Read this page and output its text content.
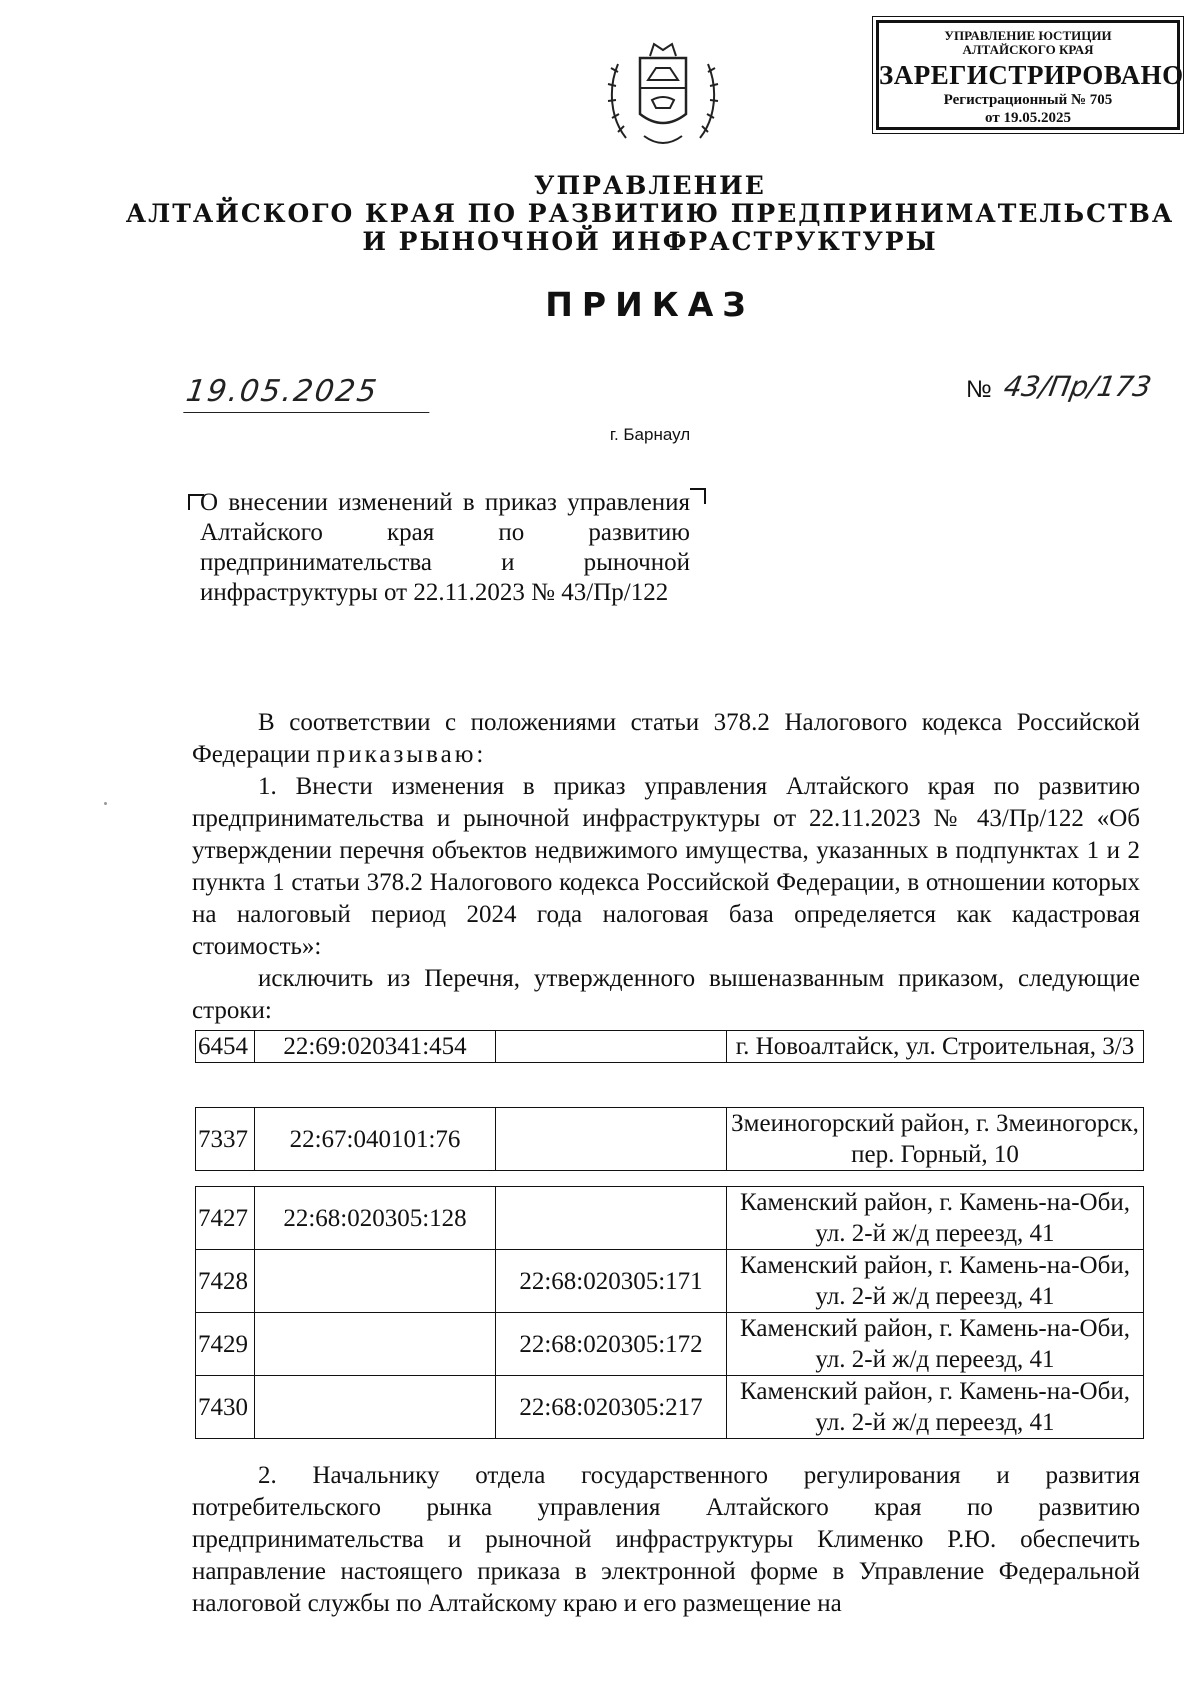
УПРАВЛЕНИЕ ЮСТИЦИИ
АЛТАЙСКОГО КРАЯ
ЗАРЕГИСТРИРОВАНО
Регистрационный № 705
от 19.05.2025
УПРАВЛЕНИЕ
АЛТАЙСКОГО КРАЯ ПО РАЗВИТИЮ ПРЕДПРИНИМАТЕЛЬСТВА
И РЫНОЧНОЙ ИНФРАСТРУКТУРЫ
ПРИКАЗ
19.05.2025	№ 43/Пр/173
г. Барнаул
О внесении изменений в приказ управления Алтайского края по развитию предпринимательства и рыночной инфраструктуры от 22.11.2023 № 43/Пр/122

В соответствии с положениями статьи 378.2 Налогового кодекса Российской Федерации приказываю:

1. Внести изменения в приказ управления Алтайского края по развитию предпринимательства и рыночной инфраструктуры от 22.11.2023 № 43/Пр/122 «Об утверждении перечня объектов недвижимого имущества, указанных в подпунктах 1 и 2 пункта 1 статьи 378.2 Налогового кодекса Российской Федерации, в отношении которых на налоговый период 2024 года налоговая база определяется как кадастровая стоимость»:

исключить из Перечня, утвержденного вышеназванным приказом, следующие строки:

6454	22:69:020341:454		г. Новоалтайск, ул. Строительная, 3/3
7337	22:67:040101:76		Змеиногорский район, г. Змеиногорск, пер. Горный, 10
7427	22:68:020305:128		Каменский район, г. Камень-на-Оби, ул. 2-й ж/д переезд, 41
7428		22:68:020305:171	Каменский район, г. Камень-на-Оби, ул. 2-й ж/д переезд, 41
7429		22:68:020305:172	Каменский район, г. Камень-на-Оби, ул. 2-й ж/д переезд, 41
7430		22:68:020305:217	Каменский район, г. Камень-на-Оби, ул. 2-й ж/д переезд, 41

2. Начальнику отдела государственного регулирования и развития потребительского рынка управления Алтайского края по развитию предпринимательства и рыночной инфраструктуры Клименко Р.Ю. обеспечить направление настоящего приказа в электронной форме в Управление Федеральной налоговой службы по Алтайскому краю и его размещение на
